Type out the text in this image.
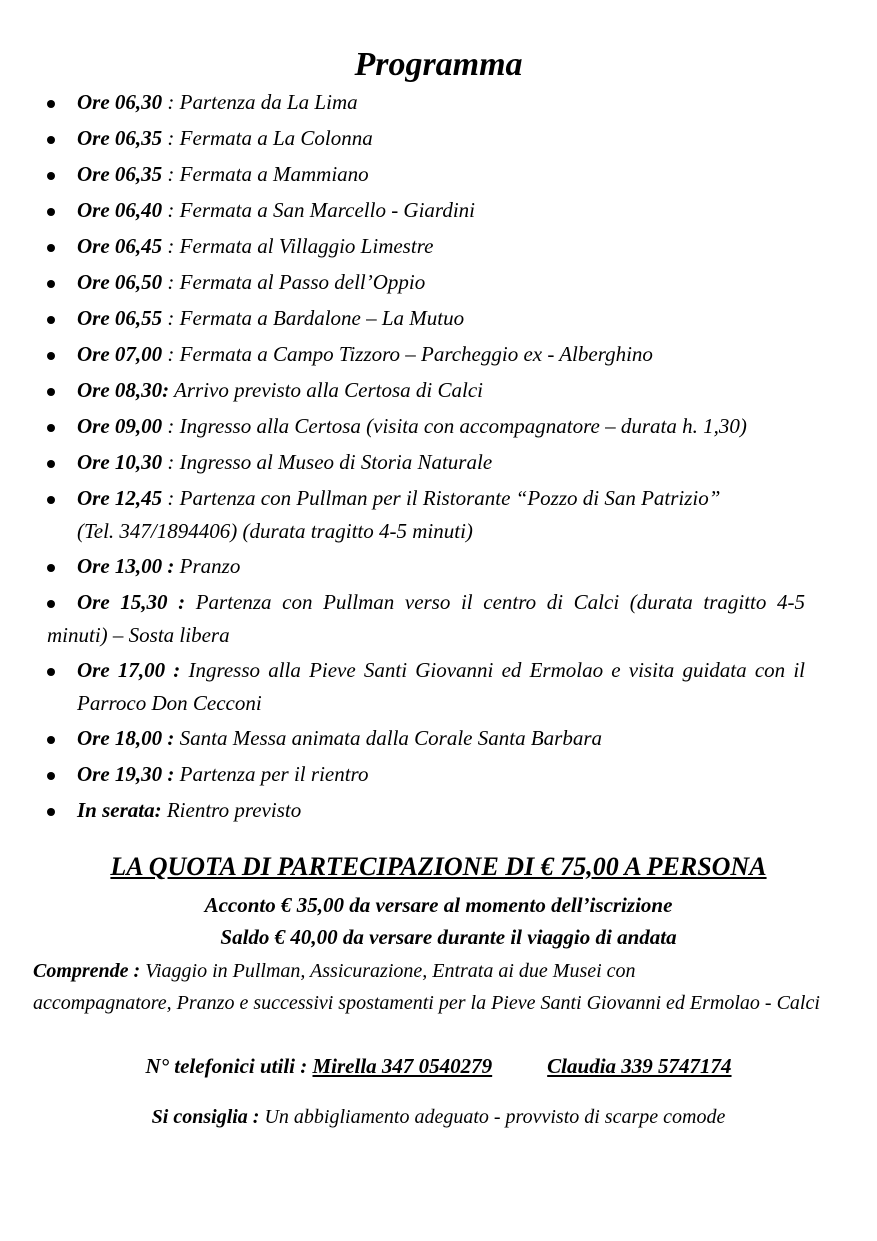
Programma
Ore 06,30 : Partenza da La Lima
Ore 06,35 : Fermata a La Colonna
Ore 06,35 : Fermata a Mammiano
Ore 06,40 : Fermata a San Marcello - Giardini
Ore 06,45 : Fermata al Villaggio Limestre
Ore 06,50 : Fermata al Passo dell’Oppio
Ore 06,55 : Fermata a Bardalone – La Mutuo
Ore 07,00 : Fermata a Campo Tizzoro – Parcheggio ex - Alberghino
Ore 08,30: Arrivo previsto alla Certosa di Calci
Ore 09,00 : Ingresso alla Certosa (visita con accompagnatore – durata h. 1,30)
Ore 10,30 : Ingresso al Museo di Storia Naturale
Ore 12,45 : Partenza con Pullman per il Ristorante “Pozzo di San Patrizio”
(Tel. 347/1894406) (durata tragitto 4-5 minuti)
Ore 13,00 : Pranzo
Ore 15,30 : Partenza con Pullman verso il centro di Calci (durata tragitto 4-5
minuti) – Sosta libera
Ore 17,00 : Ingresso alla Pieve Santi Giovanni ed Ermolao e visita guidata con il
Parroco Don Cecconi
Ore 18,00 : Santa Messa animata dalla Corale Santa Barbara
Ore 19,30 : Partenza per il rientro
In serata: Rientro previsto
LA QUOTA DI PARTECIPAZIONE DI € 75,00 A PERSONA
Acconto € 35,00 da versare al momento dell’iscrizione
Saldo € 40,00 da versare durante il viaggio di andata
Comprende : Viaggio in Pullman, Assicurazione, Entrata ai due Musei con
accompagnatore, Pranzo e successivi spostamenti per la Pieve Santi Giovanni ed Ermolao - Calci
N° telefonici utili : Mirella 347 0540279	Claudia 339 5747174
Si consiglia : Un abbigliamento adeguato - provvisto di scarpe comode
